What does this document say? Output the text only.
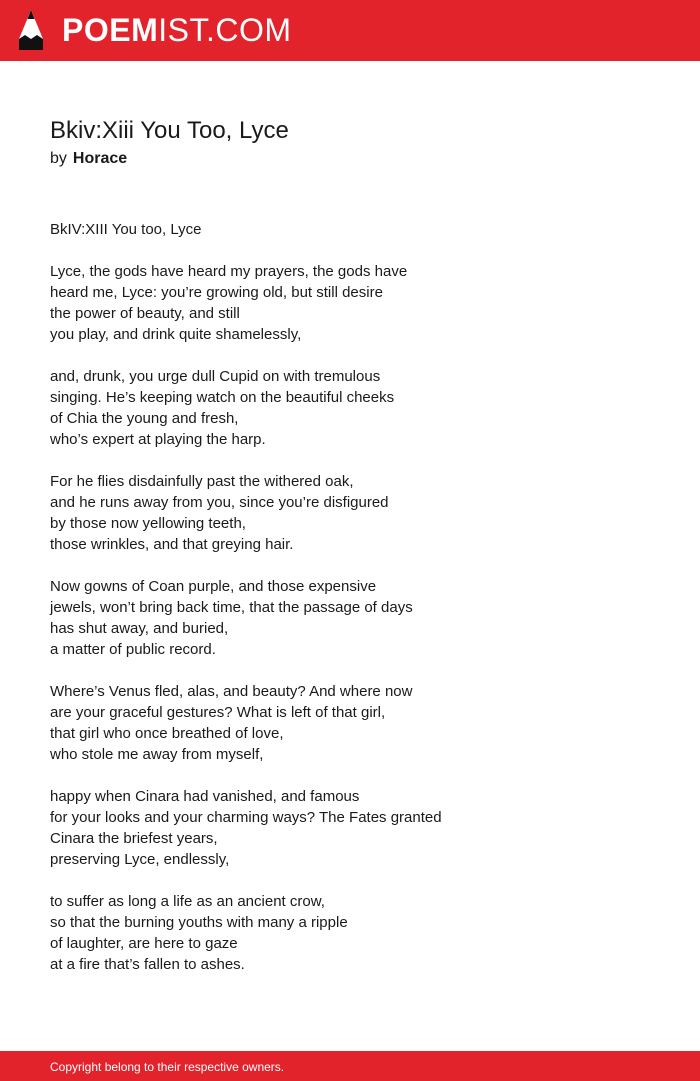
POEMIST.COM
Bkiv:Xiii You Too, Lyce
by Horace
BkIV:XIII You too, Lyce
Lyce, the gods have heard my prayers, the gods have
heard me, Lyce: you’re growing old, but still desire
the power of beauty, and still
you play, and drink quite shamelessly,
and, drunk, you urge dull Cupid on with tremulous
singing. He’s keeping watch on the beautiful cheeks
of Chia the young and fresh,
who’s expert at playing the harp.
For he flies disdainfully past the withered oak,
and he runs away from you, since you’re disfigured
by those now yellowing teeth,
those wrinkles, and that greying hair.
Now gowns of Coan purple, and those expensive
jewels, won’t bring back time, that the passage of days
has shut away, and buried,
a matter of public record.
Where’s Venus fled, alas, and beauty? And where now
are your graceful gestures? What is left of that girl,
that girl who once breathed of love,
who stole me away from myself,
happy when Cinara had vanished, and famous
for your looks and your charming ways? The Fates granted
Cinara the briefest years,
preserving Lyce, endlessly,
to suffer as long a life as an ancient crow,
so that the burning youths with many a ripple
of laughter, are here to gaze
at a fire that’s fallen to ashes.
Copyright belong to their respective owners.
